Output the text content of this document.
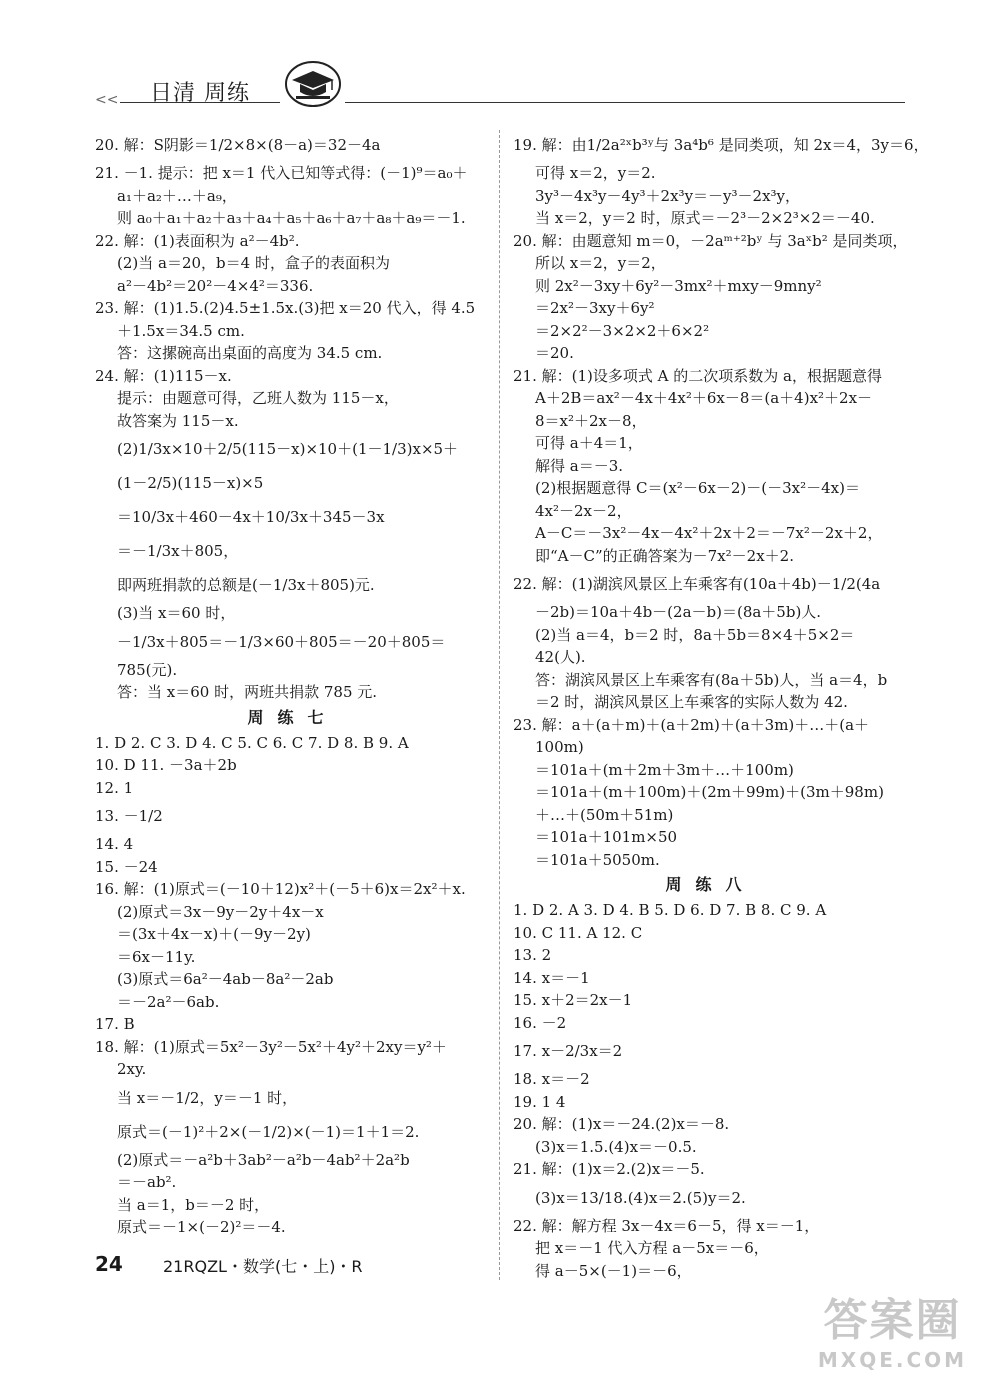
<< 日清 周练

20. 解：S阴影＝1/2×8×(8－a)＝32－4a

21. －1. 提示：把 x＝1 代入已知等式得：(－1)⁹＝a₀＋

a₁＋a₂＋…＋a₉，

则 a₀＋a₁＋a₂＋a₃＋a₄＋a₅＋a₆＋a₇＋a₈＋a₉＝－1.

22. 解：(1)表面积为 a²－4b².

(2)当 a＝20，b＝4 时，盒子的表面积为

a²－4b²＝20²－4×4²＝336.

23. 解：(1)1.5.(2)4.5±1.5x.(3)把 x＝20 代入，得 4.5

＋1.5x＝34.5 cm.

答：这摞碗高出桌面的高度为 34.5 cm.

24. 解：(1)115－x.

提示：由题意可得，乙班人数为 115－x，

故答案为 115－x.

(2)1/3x×10＋2/5(115－x)×10＋(1－1/3)x×5＋

(1－2/5)(115－x)×5

＝10/3x＋460－4x＋10/3x＋345－3x

＝－1/3x＋805，

即两班捐款的总额是(－1/3x＋805)元.

(3)当 x＝60 时，

－1/3x＋805＝－1/3×60＋805＝－20＋805＝

785(元).

答：当 x＝60 时，两班共捐款 785 元.

周练七

1. D 2. C 3. D 4. C 5. C 6. C 7. D 8. B 9. A

10. D 11. －3a＋2b

12. 1

13. －1/2

14. 4

15. －24

16. 解：(1)原式＝(－10＋12)x²＋(－5＋6)x＝2x²＋x.

(2)原式＝3x－9y－2y＋4x－x

＝(3x＋4x－x)＋(－9y－2y)

＝6x－11y.

(3)原式＝6a²－4ab－8a²－2ab

＝－2a²－6ab.

17. B

18. 解：(1)原式＝5x²－3y²－5x²＋4y²＋2xy＝y²＋

2xy.

当 x＝－1/2，y＝－1 时，

原式＝(－1)²＋2×(－1/2)×(－1)＝1＋1＝2.

(2)原式＝－a²b＋3ab²－a²b－4ab²＋2a²b

＝－ab².

当 a＝1，b＝－2 时，

原式＝－1×(－2)²＝－4.

19. 解：由1/2a²ˣb³ʸ与 3a⁴b⁶ 是同类项，知 2x＝4，3y＝6，

可得 x＝2，y＝2.

3y³－4x³y－4y³＋2x³y＝－y³－2x³y，

当 x＝2，y＝2 时，原式＝－2³－2×2³×2＝－40.

20. 解：由题意知 m＝0，－2aᵐ⁺²bʸ 与 3aˣb² 是同类项，

所以 x＝2，y＝2，

则 2x²－3xy＋6y²－3mx²＋mxy－9mny²

＝2x²－3xy＋6y²

＝2×2²－3×2×2＋6×2²

＝20.

21. 解：(1)设多项式 A 的二次项系数为 a，根据题意得

A＋2B＝ax²－4x＋4x²＋6x－8＝(a＋4)x²＋2x－

8＝x²＋2x－8，

可得 a＋4＝1，

解得 a＝－3.

(2)根据题意得 C＝(x²－6x－2)－(－3x²－4x)＝

4x²－2x－2，

A－C＝－3x²－4x－4x²＋2x＋2＝－7x²－2x＋2，

即“A－C”的正确答案为－7x²－2x＋2.

22. 解：(1)湖滨风景区上车乘客有(10a＋4b)－1/2(4a

－2b)＝10a＋4b－(2a－b)＝(8a＋5b)人.

(2)当 a＝4，b＝2 时，8a＋5b＝8×4＋5×2＝

42(人).

答：湖滨风景区上车乘客有(8a＋5b)人，当 a＝4，b

＝2 时，湖滨风景区上车乘客的实际人数为 42.

23. 解：a＋(a＋m)＋(a＋2m)＋(a＋3m)＋…＋(a＋

100m)

＝101a＋(m＋2m＋3m＋…＋100m)

＝101a＋(m＋100m)＋(2m＋99m)＋(3m＋98m)

＋…＋(50m＋51m)

＝101a＋101m×50

＝101a＋5050m.

周练八

1. D 2. A 3. D 4. B 5. D 6. D 7. B 8. C 9. A

10. C 11. A 12. C

13. 2

14. x＝－1

15. x＋2＝2x－1

16. －2

17. x－2/3x＝2

18. x＝－2

19. 1 4

20. 解：(1)x＝－24.(2)x＝－8.

(3)x＝1.5.(4)x＝－0.5.

21. 解：(1)x＝2.(2)x＝－5.

(3)x＝13/18.(4)x＝2.(5)y＝2.

22. 解：解方程 3x－4x＝6－5，得 x＝－1，

把 x＝－1 代入方程 a－5x＝－6，

得 a－5×(－1)＝－6，

24	21RQZL・数学(七・上)・R
答案圈
MXQE.COM
